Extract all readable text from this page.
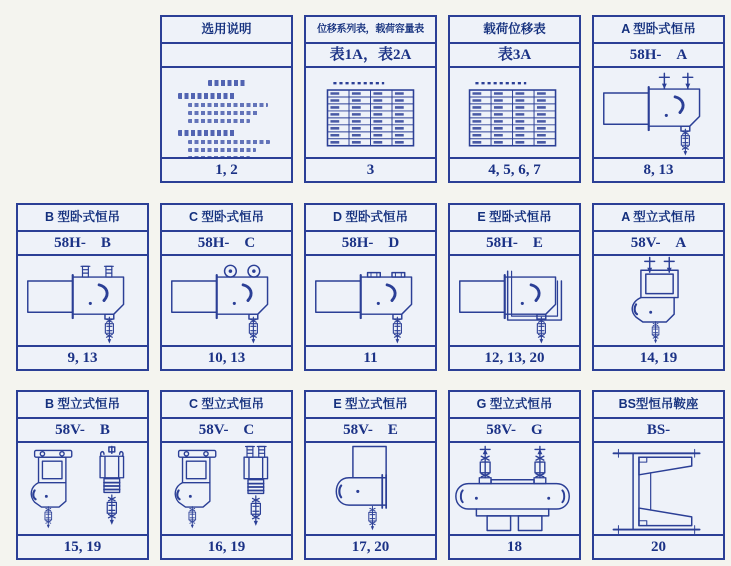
选用说明
1, 2
位移系列表，载荷容量表
表1A，表2A
3
载荷位移表
表3A
4, 5, 6, 7
A 型卧式恒吊
58H-　A
8, 13
B 型卧式恒吊
58H-　B
9, 13
C 型卧式恒吊
58H-　C
10, 13
D 型卧式恒吊
58H-　D
11
E 型卧式恒吊
58H-　E
12, 13, 20
A 型立式恒吊
58V-　A
14, 19
B 型立式恒吊
58V-　B
15, 19
C 型立式恒吊
58V-　C
16, 19
E 型立式恒吊
58V-　E
17, 20
G 型立式恒吊
58V-　G
18
BS型恒吊鞍座
BS-
20
